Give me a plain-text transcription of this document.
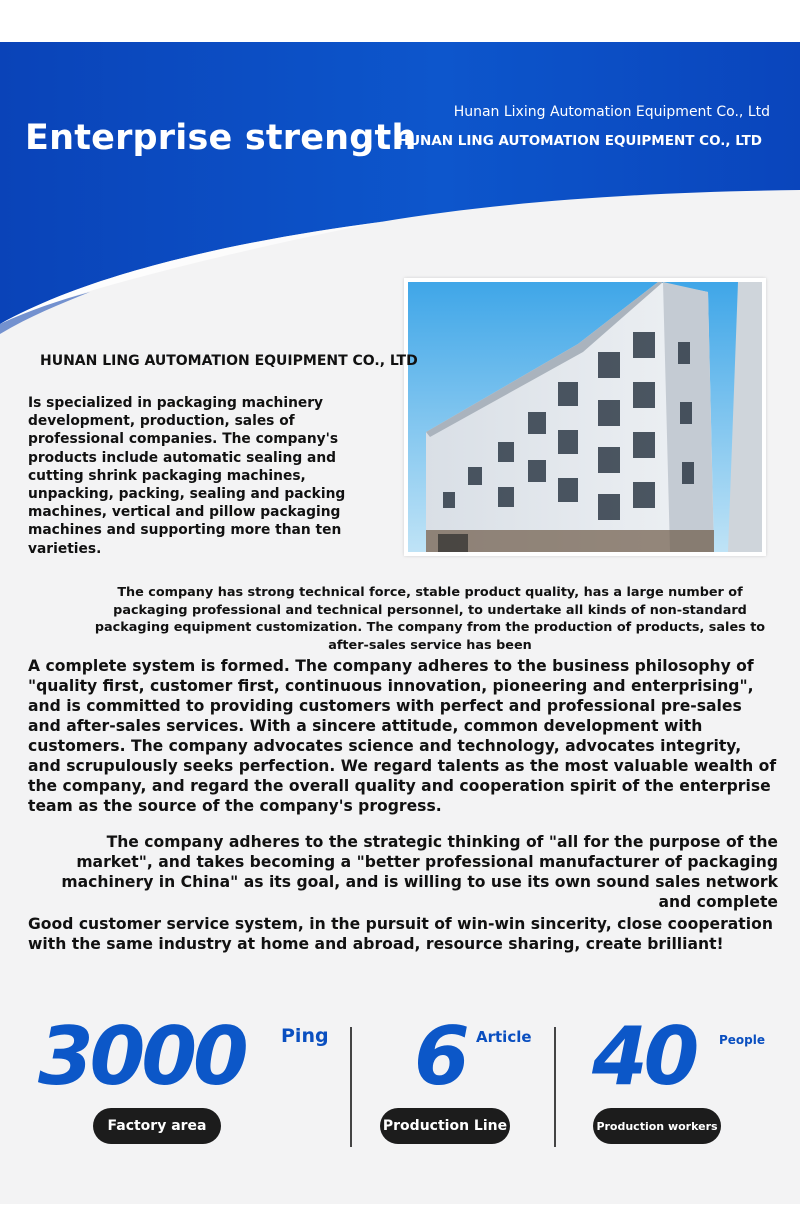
Enterprise strength
Hunan Lixing Automation Equipment Co., Ltd
HUNAN LING AUTOMATION EQUIPMENT CO., LTD
HUNAN LING AUTOMATION EQUIPMENT CO., LTD

Is specialized in packaging machinery development, production, sales of professional companies. The company's products include automatic sealing and cutting shrink packaging machines, unpacking, packing, sealing and packing machines, vertical and pillow packaging machines and supporting more than ten varieties.

The company has strong technical force, stable product quality, has a large number of packaging professional and technical personnel, to undertake all kinds of non-standard packaging equipment customization. The company from the production of products, sales to after-sales service has been

A complete system is formed. The company adheres to the business philosophy of "quality first, customer first, continuous innovation, pioneering and enterprising", and is committed to providing customers with perfect and professional pre-sales and after-sales services. With a sincere attitude, common development with customers. The company advocates science and technology, advocates integrity, and scrupulously seeks perfection. We regard talents as the most valuable wealth of the company, and regard the overall quality and cooperation spirit of the enterprise team as the source of the company's progress.

The company adheres to the strategic thinking of "all for the purpose of the market", and takes becoming a "better professional manufacturer of packaging machinery in China" as its goal, and is willing to use its own sound sales network and complete

Good customer service system, in the pursuit of win-win sincerity, close cooperation with the same industry at home and abroad, resource sharing, create brilliant!

3000 Ping
Factory area
6 Article
Production Line
40 People
Production workers
